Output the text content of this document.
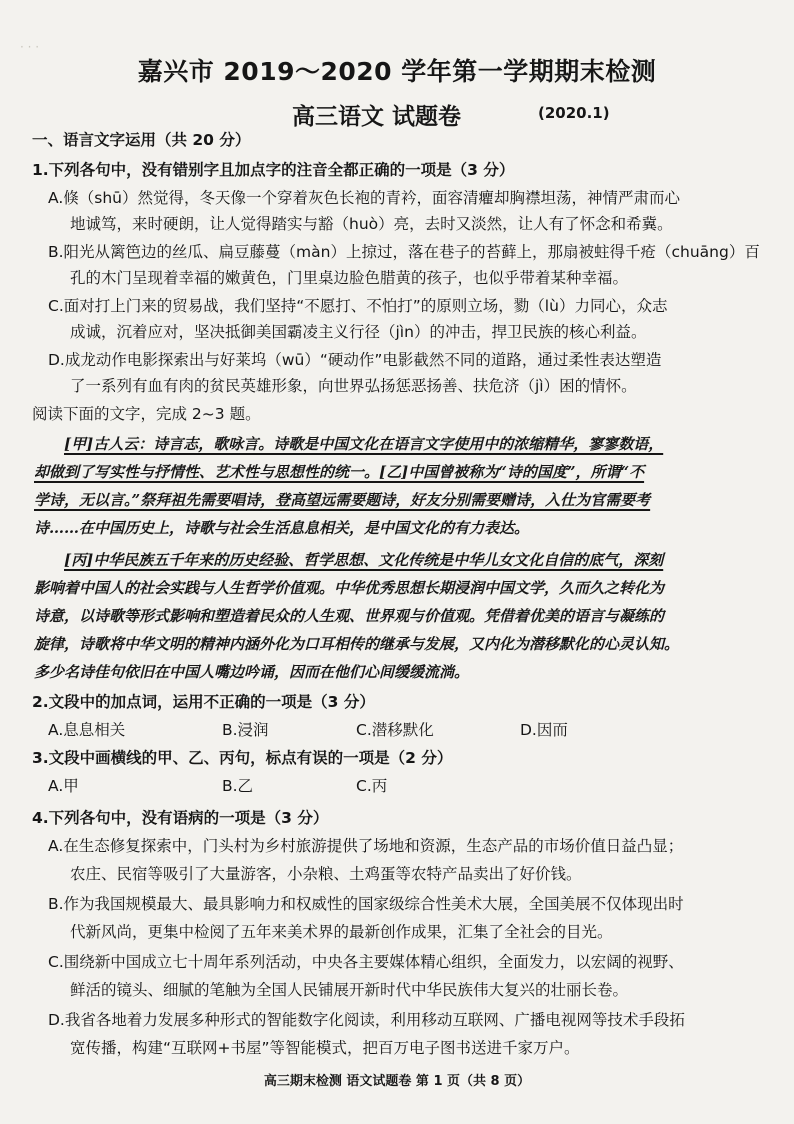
· · ·
嘉兴市 2019～2020 学年第一学期期末检测
高三语文 试题卷	(2020.1)
一、语言文字运用（共 20 分）
1.下列各句中，没有错别字且加点字的注音全都正确的一项是（3 分）
A.倏（shū）然觉得，冬天像一个穿着灰色长袍的青衿，面容清癯却胸襟坦荡，神情严肃而心
地诚笃，来时硬朗，让人觉得踏实与豁（huò）亮，去时又淡然，让人有了怀念和希冀。
B.阳光从篱笆边的丝瓜、扁豆藤蔓（màn）上掠过，落在巷子的苔藓上，那扇被蛀得千疮（chuāng）百
孔的木门呈现着幸福的嫩黄色，门里桌边脸色腊黄的孩子，也似乎带着某种幸福。
C.面对打上门来的贸易战，我们坚持“不愿打、不怕打”的原则立场，勠（lù）力同心，众志
成诚，沉着应对，坚决抵御美国霸凌主义行径（jìn）的冲击，捍卫民族的核心利益。
D.成龙动作电影探索出与好莱坞（wū）“硬动作”电影截然不同的道路，通过柔性表达塑造
了一系列有血有肉的贫民英雄形象，向世界弘扬惩恶扬善、扶危济（jì）困的情怀。
阅读下面的文字，完成 2~3 题。
[甲]古人云：诗言志，歌咏言。诗歌是中国文化在语言文字使用中的浓缩精华，寥寥数语，
却做到了写实性与抒情性、艺术性与思想性的统一。[乙]中国曾被称为“诗的国度”，所谓“不
学诗，无以言。”祭拜祖先需要唱诗，登高望远需要题诗，好友分别需要赠诗，入仕为官需要考
诗……在中国历史上，诗歌与社会生活息息相关，是中国文化的有力表达。
[丙]中华民族五千年来的历史经验、哲学思想、文化传统是中华儿女文化自信的底气，深刻
影响着中国人的社会实践与人生哲学价值观。中华优秀思想长期浸润中国文学，久而久之转化为
诗意，以诗歌等形式影响和塑造着民众的人生观、世界观与价值观。凭借着优美的语言与凝练的
旋律，诗歌将中华文明的精神内涵外化为口耳相传的继承与发展，又内化为潜移默化的心灵认知。
多少名诗佳句依旧在中国人嘴边吟诵，因而在他们心间缓缓流淌。
2.文段中的加点词，运用不正确的一项是（3 分）
A.息息相关	B.浸润	C.潜移默化	D.因而
3.文段中画横线的甲、乙、丙句，标点有误的一项是（2 分）
A.甲	B.乙	C.丙
4.下列各句中，没有语病的一项是（3 分）
A.在生态修复探索中，门头村为乡村旅游提供了场地和资源，生态产品的市场价值日益凸显；
农庄、民宿等吸引了大量游客，小杂粮、土鸡蛋等农特产品卖出了好价钱。
B.作为我国规模最大、最具影响力和权威性的国家级综合性美术大展，全国美展不仅体现出时
代新风尚，更集中检阅了五年来美术界的最新创作成果，汇集了全社会的目光。
C.围绕新中国成立七十周年系列活动，中央各主要媒体精心组织，全面发力，以宏阔的视野、
鲜活的镜头、细腻的笔触为全国人民铺展开新时代中华民族伟大复兴的壮丽长卷。
D.我省各地着力发展多种形式的智能数字化阅读，利用移动互联网、广播电视网等技术手段拓
宽传播，构建“互联网+书屋”等智能模式，把百万电子图书送进千家万户。
高三期末检测 语文试题卷 第 1 页（共 8 页）
